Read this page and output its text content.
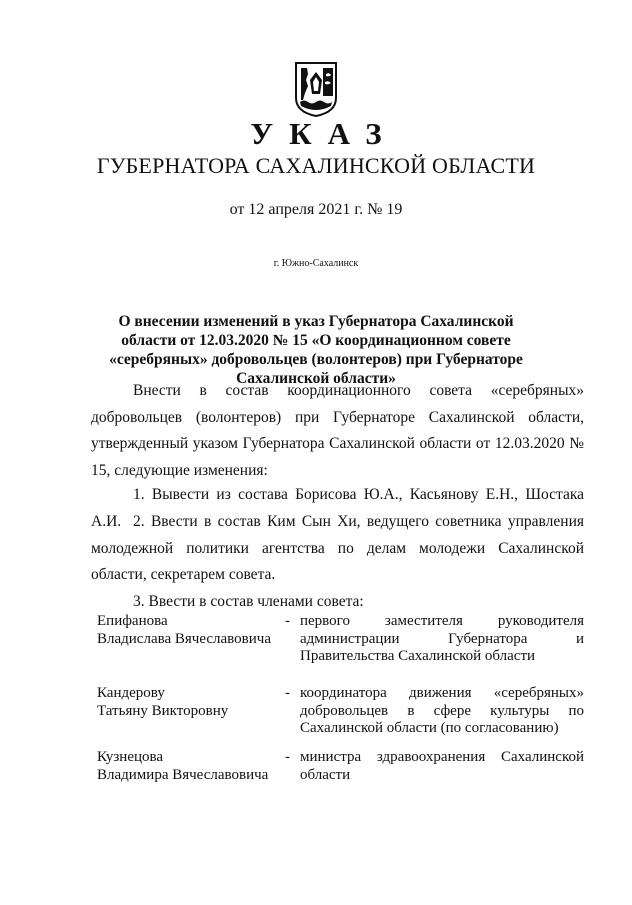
УКАЗ
ГУБЕРНАТОРА САХАЛИНСКОЙ ОБЛАСТИ
от 12 апреля 2021 г. № 19
г. Южно-Сахалинск
О внесении изменений в указ Губернатора Сахалинской области от 12.03.2020 № 15 «О координационном совете «серебряных» добровольцев (волонтеров) при Губернаторе Сахалинской области»
Внести в состав координационного совета «серебряных» добровольцев (волонтеров) при Губернаторе Сахалинской области, утвержденный указом Губернатора Сахалинской области от 12.03.2020 № 15, следующие изменения:
1. Вывести из состава Борисова Ю.А., Касьянову Е.Н., Шостака А.И. 2. Ввести в состав Ким Сын Хи, ведущего советника управления молодежной политики агентства по делам молодежи Сахалинской области, секретарем совета.
3. Ввести в состав членами совета:
Епифанова
Владислава Вячеславовича
- первого заместителя руководителя администрации Губернатора и Правительства Сахалинской области
Кандерову
Татьяну Викторовну
- координатора движения «серебряных» добровольцев в сфере культуры по Сахалинской области (по согласованию)
Кузнецова
Владимира Вячеславовича
- министра здравоохранения Сахалинской области
